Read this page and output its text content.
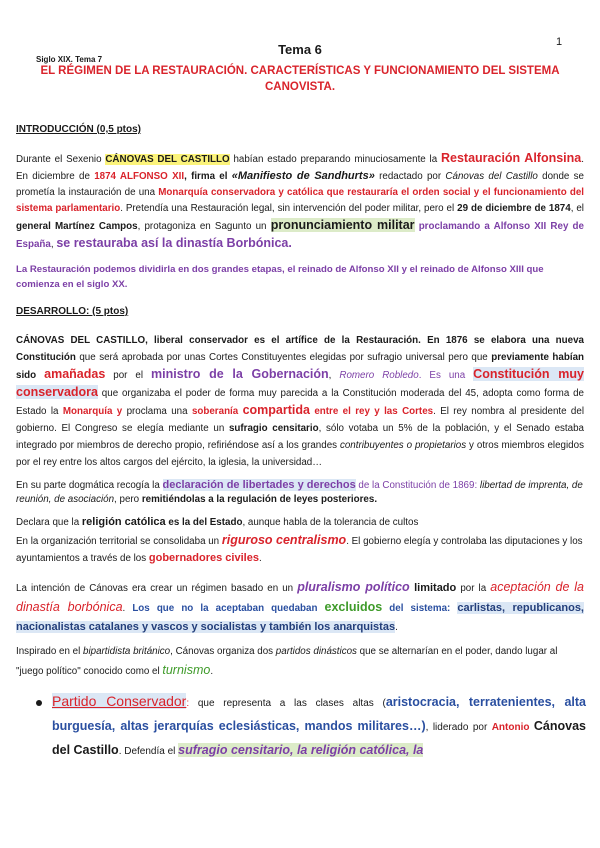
1
Siglo XIX. Tema 7
Tema 6
EL RÉGIMEN DE LA RESTAURACIÓN. CARACTERÍSTICAS Y FUNCIONAMIENTO DEL SISTEMA CANOVISTA.
INTRODUCCIÓN (0,5 ptos)
Durante el Sexenio CÁNOVAS DEL CASTILLO habían estado preparando minuciosamente la Restauración Alfonsina. En diciembre de 1874 ALFONSO XII, firma el «Manifiesto de Sandhurts» redactado por Cánovas del Castillo donde se prometía la instauración de una Monarquía conservadora y católica que restauraría el orden social y el funcionamiento del sistema parlamentario. Pretendía una Restauración legal, sin intervención del poder militar, pero el 29 de diciembre de 1874, el general Martínez Campos, protagoniza en Sagunto un pronunciamiento militar proclamando a Alfonso XII Rey de España, se restauraba así la dinastía Borbónica.
La Restauración podemos dividirla en dos grandes etapas, el reinado de Alfonso XII y el reinado de Alfonso XIII que comienza en el siglo XX.
DESARROLLO: (5 ptos)
CÁNOVAS DEL CASTILLO, liberal conservador es el artífice de la Restauración. En 1876 se elabora una nueva Constitución que será aprobada por unas Cortes Constituyentes elegidas por sufragio universal pero que previamente habían sido amañadas por el ministro de la Gobernación, Romero Robledo. Es una Constitución muy conservadora que organizaba el poder de forma muy parecida a la Constitución moderada del 45, adopta como forma de Estado la Monarquía y proclama una soberanía compartida entre el rey y las Cortes. El rey nombra al presidente del gobierno. El Congreso se elegía mediante un sufragio censitario, sólo votaba un 5% de la población, y el Senado estaba integrado por miembros de derecho propio, refiriéndose así a los grandes contribuyentes o propietarios y otros miembros elegidos por el rey entre los altos cargos del ejército, la iglesia, la universidad…
En su parte dogmática recogía la declaración de libertades y derechos de la Constitución de 1869: libertad de imprenta, de reunión, de asociación, pero remitiéndolas a la regulación de leyes posteriores.
Declara que la religión católica es la del Estado, aunque habla de la tolerancia de cultos
En la organización territorial se consolidaba un riguroso centralismo. El gobierno elegía y controlaba las diputaciones y los ayuntamientos a través de los gobernadores civiles.
La intención de Cánovas era crear un régimen basado en un pluralismo político limitado por la aceptación de la dinastía borbónica. Los que no la aceptaban quedaban excluidos del sistema: carlistas, republicanos, nacionalistas catalanes y vascos y socialistas y también los anarquistas.
Inspirado en el bipartidista británico, Cánovas organiza dos partidos dinásticos que se alternarían en el poder, dando lugar al "juego político" conocido como el turnismo.
Partido Conservador: que representa a las clases altas (aristocracia, terratenientes, alta burguesía, altas jerarquías eclesiásticas, mandos militares…), liderado por Antonio Cánovas del Castillo. Defendía el sufragio censitario, la religión católica, la
